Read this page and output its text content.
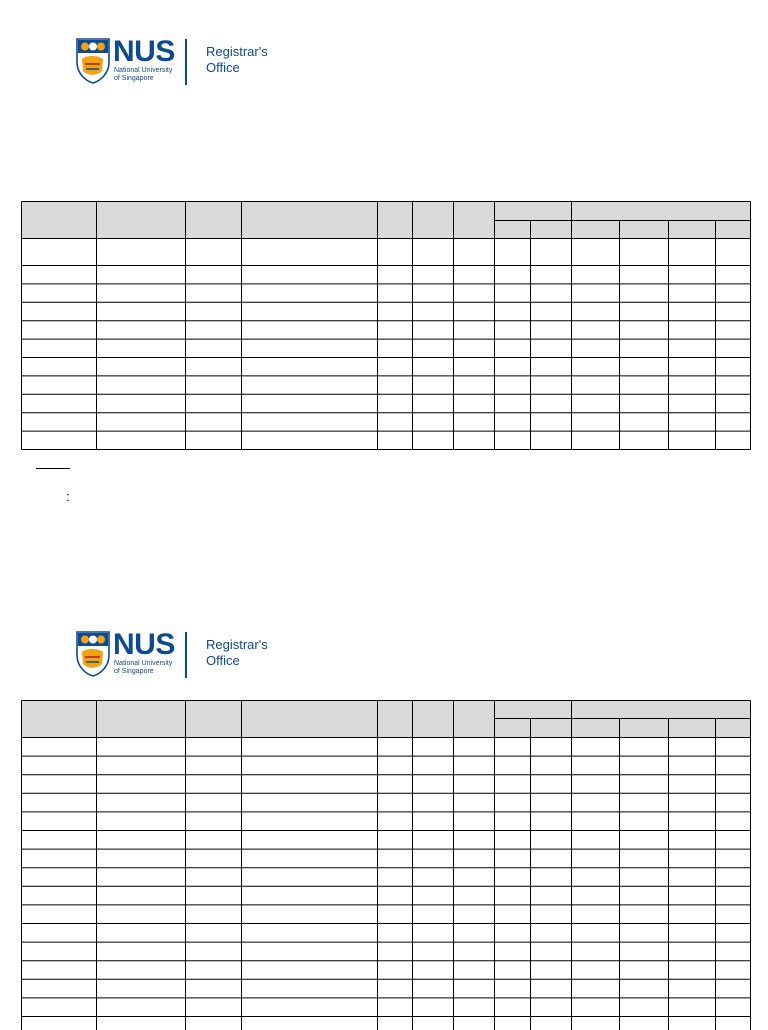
NUS
National University
of Singapore
Registrar's
Office
:
NUS
National University
of Singapore
Registrar's
Office
